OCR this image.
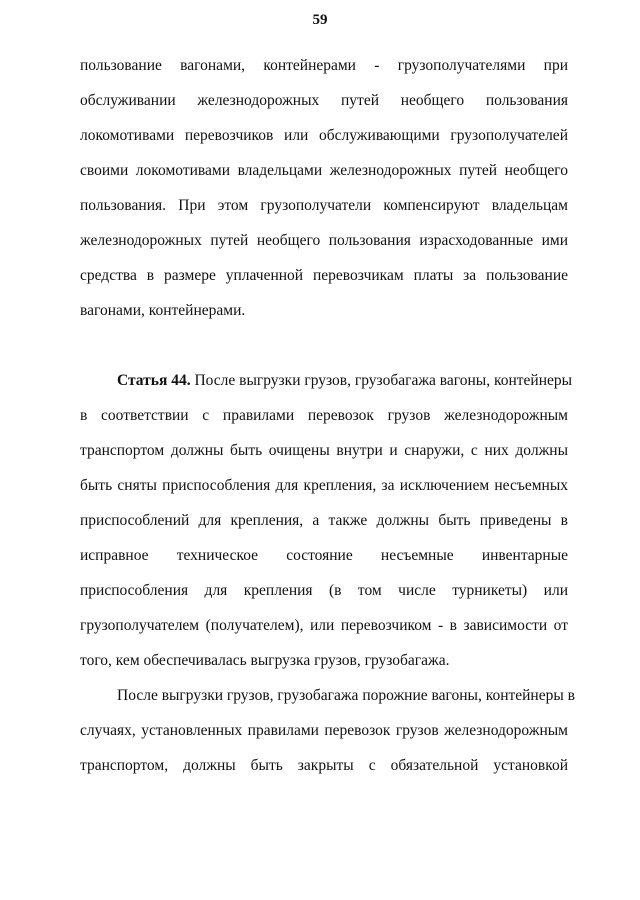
59
пользование вагонами, контейнерами - грузополучателями при
обслуживании железнодорожных путей необщего пользования
локомотивами перевозчиков или обслуживающими грузополучателей
своими локомотивами владельцами железнодорожных путей необщего
пользования. При этом грузополучатели компенсируют владельцам
железнодорожных путей необщего пользования израсходованные ими
средства в размере уплаченной перевозчикам платы за пользование
вагонами, контейнерами.
Статья 44. После выгрузки грузов, грузобагажа вагоны, контейнеры
в соответствии с правилами перевозок грузов железнодорожным
транспортом должны быть очищены внутри и снаружи, с них должны
быть сняты приспособления для крепления, за исключением несъемных
приспособлений для крепления, а также должны быть приведены в
исправное техническое состояние несъемные инвентарные
приспособления для крепления (в том числе турникеты) или
грузополучателем (получателем), или перевозчиком - в зависимости от
того, кем обеспечивалась выгрузка грузов, грузобагажа.
После выгрузки грузов, грузобагажа порожние вагоны, контейнеры в
случаях, установленных правилами перевозок грузов железнодорожным
транспортом, должны быть закрыты с обязательной установкой
